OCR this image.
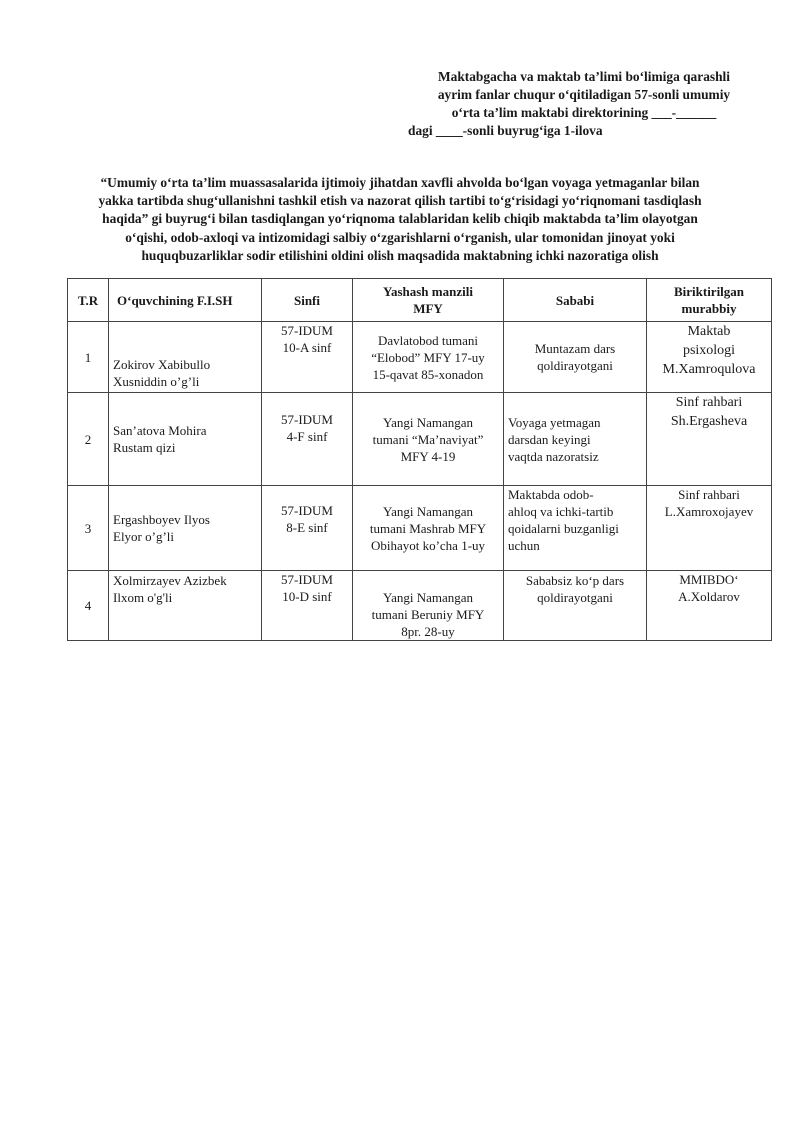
Maktabgacha va maktab ta’limi bo‘limiga qarashli
ayrim fanlar chuqur o‘qitiladigan 57-sonli umumiy
o‘rta ta’lim maktabi direktorining ___-______
dagi ____-sonli buyrug‘iga 1-ilova
“Umumiy o‘rta ta’lim muassasalarida ijtimoiy jihatdan xavfli ahvolda bo‘lgan voyaga yetmaganlar bilan
yakka tartibda shug‘ullanishni tashkil etish va nazorat qilish tartibi to‘g‘risidagi yo‘riqnomani tasdiqlash
haqida” gi buyrug‘i bilan tasdiqlangan yo‘riqnoma talablaridan kelib chiqib maktabda ta’lim olayotgan
o‘qishi, odob-axloqi va intizomidagi salbiy o‘zgarishlarni o‘rganish, ular tomonidan jinoyat yoki
huquqbuzarliklar sodir etilishini oldini olish maqsadida maktabning ichki nazoratiga olish
T.R	O‘quvchining F.I.SH	Sinfi	Yashash manzili
MFY	Sababi	Biriktirilgan
murabbiy

1	Zokirov Xabibullo
Xusniddin o’g’li	57-IDUM
10-A sinf	Davlatobod tumani
“Elobod” MFY 17-uy
15-qavat 85-xonadon	Muntazam dars
qoldirayotgani	Maktab
psixologi
M.Xamroqulova

2	San’atova Mohira
Rustam qizi	57-IDUM
4-F sinf	Yangi Namangan
tumani “Ma’naviyat”
MFY 4-19	Voyaga yetmagan
darsdan keyingi
vaqtda nazoratsiz	Sinf rahbari
Sh.Ergasheva

3	Ergashboyev Ilyos
Elyor o’g’li	57-IDUM
8-E sinf	Yangi Namangan
tumani Mashrab MFY
Obihayot ko’cha 1-uy	Maktabda odob-
ahloq va ichki-tartib
qoidalarni buzganligi
uchun	Sinf rahbari
L.Xamroxojayev

4	Xolmirzayev Azizbek
Ilxom o'g'li	57-IDUM
10-D sinf	Yangi Namangan
tumani Beruniy MFY
8pr. 28-uy	Sababsiz ko‘p dars
qoldirayotgani	MMIBDO‘
A.Xoldarov
